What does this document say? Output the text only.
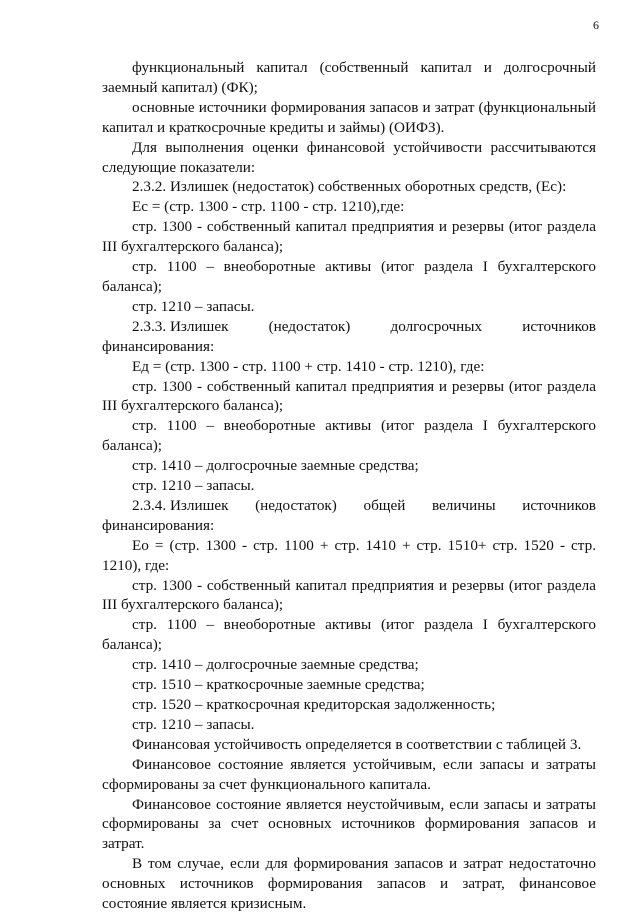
6

функциональный капитал (собственный капитал и долгосрочный заемный капитал) (ФК);

основные источники формирования запасов и затрат (функциональный капитал и краткосрочные кредиты и займы) (ОИФЗ).

Для выполнения оценки финансовой устойчивости рассчитываются следующие показатели:

2.3.2. Излишек (недостаток) собственных оборотных средств, (Ес):

Ес = (стр. 1300 - стр. 1100 - стр. 1210),где:

стр. 1300 - собственный капитал предприятия и резервы (итог раздела III бухгалтерского баланса);

стр. 1100 – внеоборотные активы (итог раздела I бухгалтерского баланса);

стр. 1210 – запасы.

2.3.3. Излишек	(недостаток)	долгосрочных	источников

финансирования:

Ед = (стр. 1300 - стр. 1100 + стр. 1410 - стр. 1210), где:

стр. 1300 - собственный капитал предприятия и резервы (итог раздела III бухгалтерского баланса);

стр. 1100 – внеоборотные активы (итог раздела I бухгалтерского баланса);

стр. 1410 – долгосрочные заемные средства;

стр. 1210 – запасы.

2.3.4. Излишек (недостаток) общей величины источников

финансирования:

Ео = (стр. 1300 - стр. 1100 + стр. 1410 + стр. 1510+ стр. 1520 - стр. 1210), где:

стр. 1300 - собственный капитал предприятия и резервы (итог раздела III бухгалтерского баланса);

стр. 1100 – внеоборотные активы (итог раздела I бухгалтерского баланса);

стр. 1410 – долгосрочные заемные средства;

стр. 1510 – краткосрочные заемные средства;

стр. 1520 – краткосрочная кредиторская задолженность;

стр. 1210 – запасы.

Финансовая устойчивость определяется в соответствии с таблицей 3.

Финансовое состояние является устойчивым, если запасы и затраты сформированы за счет функционального капитала.

Финансовое состояние является неустойчивым, если запасы и затраты сформированы за счет основных источников формирования запасов и затрат.

В том случае, если для формирования запасов и затрат недостаточно основных источников формирования запасов и затрат, финансовое состояние является кризисным.
